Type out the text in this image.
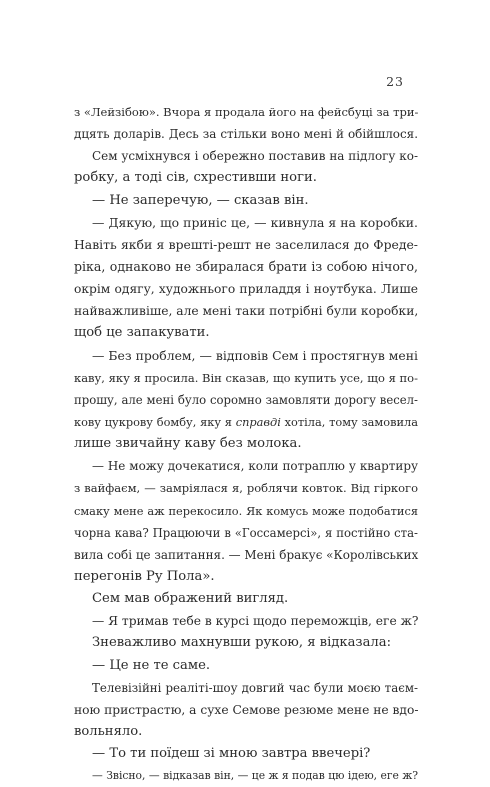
23
з «Лейзібою». Вчора я продала його на фейсбуці за три-
дцять доларів. Десь за стільки воно мені й обійшлося.
Сем усміхнувся і обережно поставив на підлогу ко-
робку, а тоді сів, схрестивши ноги.
— Не заперечую, — сказав він.
— Дякую, що приніс це, — кивнула я на коробки.
Навіть якби я врешті-решт не заселилася до Фреде-
ріка, однаково не збиралася брати із собою нічого,
окрім одягу, художнього приладдя і ноутбука. Лише
найважливіше, але мені таки потрібні були коробки,
щоб це запакувати.
— Без проблем, — відповів Сем і простягнув мені
каву, яку я просила. Він сказав, що купить усе, що я по-
прошу, але мені було соромно замовляти дорогу весел-
кову цукрову бомбу, яку я справді хотіла, тому замовила
лише звичайну каву без молока.
— Не можу дочекатися, коли потраплю у квартиру
з вайфаєм, — замріялася я, роблячи ковток. Від гіркого
смаку мене аж перекосило. Як комусь може подобатися
чорна кава? Працюючи в «Госсамерсі», я постійно ста-
вила собі це запитання. — Мені бракує «Королівських
перегонів Ру Пола».
Сем мав ображений вигляд.
— Я тримав тебе в курсі щодо переможців, еге ж?
Зневажливо махнувши рукою, я відказала:
— Це не те саме.
Телевізійні реаліті-шоу довгий час були моєю таєм-
ною пристрастю, а сухе Семове резюме мене не вдо-
вольняло.
— То ти поїдеш зі мною завтра ввечері?
— Звісно, — відказав він, — це ж я подав цю ідею, еге ж?
